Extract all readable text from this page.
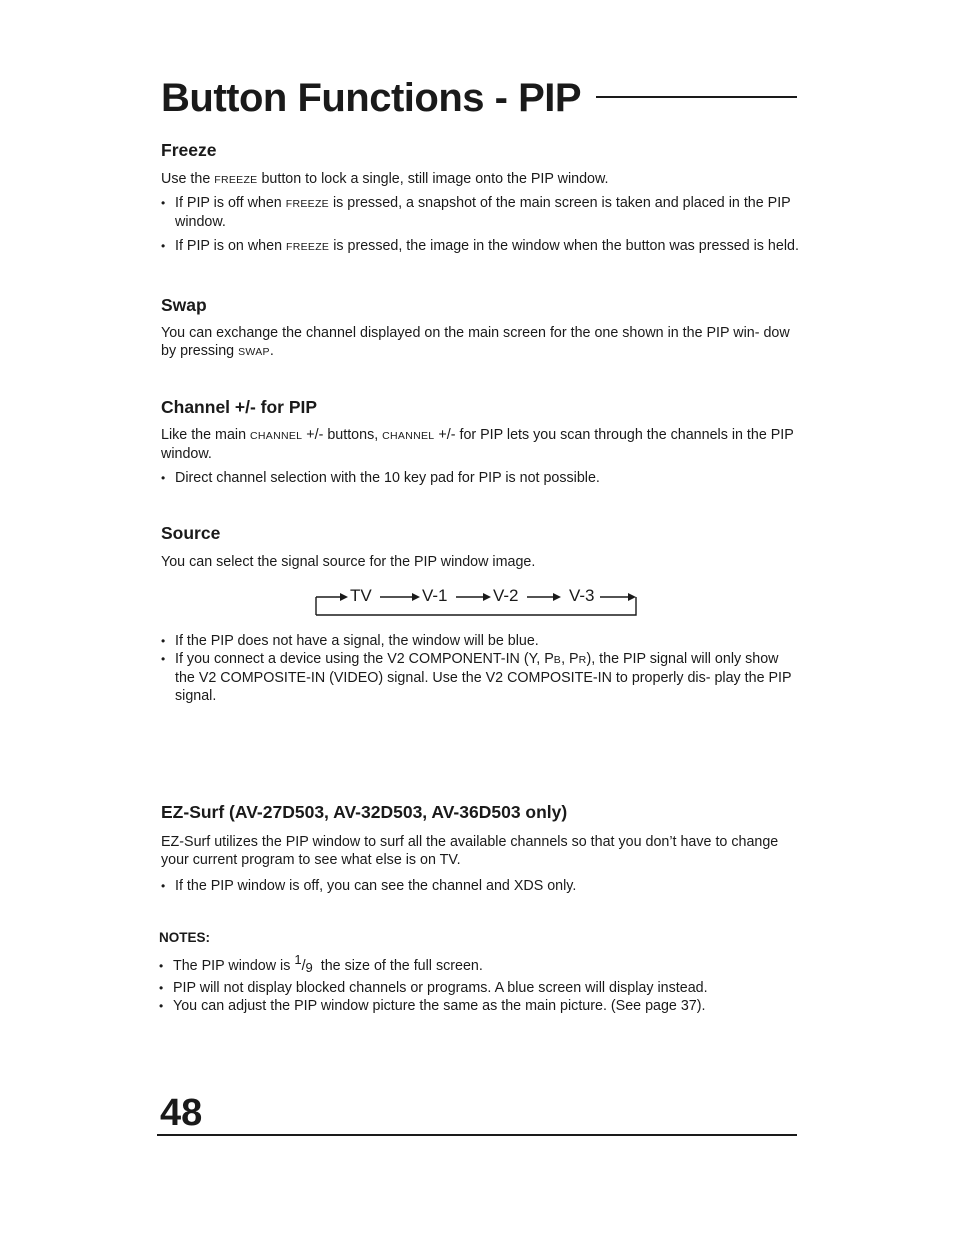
Button Functions - PIP
Freeze
Use the FREEZE button to lock a single, still image onto the PIP window.
• If PIP is off when FREEZE is pressed, a snapshot of the main screen is taken and placed in the PIP window.
• If PIP is on when FREEZE is pressed, the image in the window when the button was pressed is held.
Swap
You can exchange the channel displayed on the main screen for the one shown in the PIP win- dow by pressing SWAP.
Channel +/- for PIP
Like the main CHANNEL +/- buttons, CHANNEL +/- for PIP lets you scan through the channels in the PIP window.
• Direct channel selection with the 10 key pad for PIP is not possible.
Source
You can select the signal source for the PIP window image.
TV	V-1	V-2	V-3
• If the PIP does not have a signal, the window will be blue.
• If you connect a device using the V2 COMPONENT-IN (Y, PB, PR), the PIP signal will only show the V2 COMPOSITE-IN (VIDEO) signal. Use the V2 COMPOSITE-IN to properly dis- play the PIP signal.
EZ-Surf (AV-27D503, AV-32D503, AV-36D503 only)
EZ-Surf utilizes the PIP window to surf all the available channels so that you don’t have to change your current program to see what else is on TV.
• If the PIP window is off, you can see the channel and XDS only.
NOTES:
• The PIP window is 1/9  the size of the full screen.
• PIP will not display blocked channels or programs. A blue screen will display instead.
• You can adjust the PIP window picture the same as the main picture. (See page 37).
48
